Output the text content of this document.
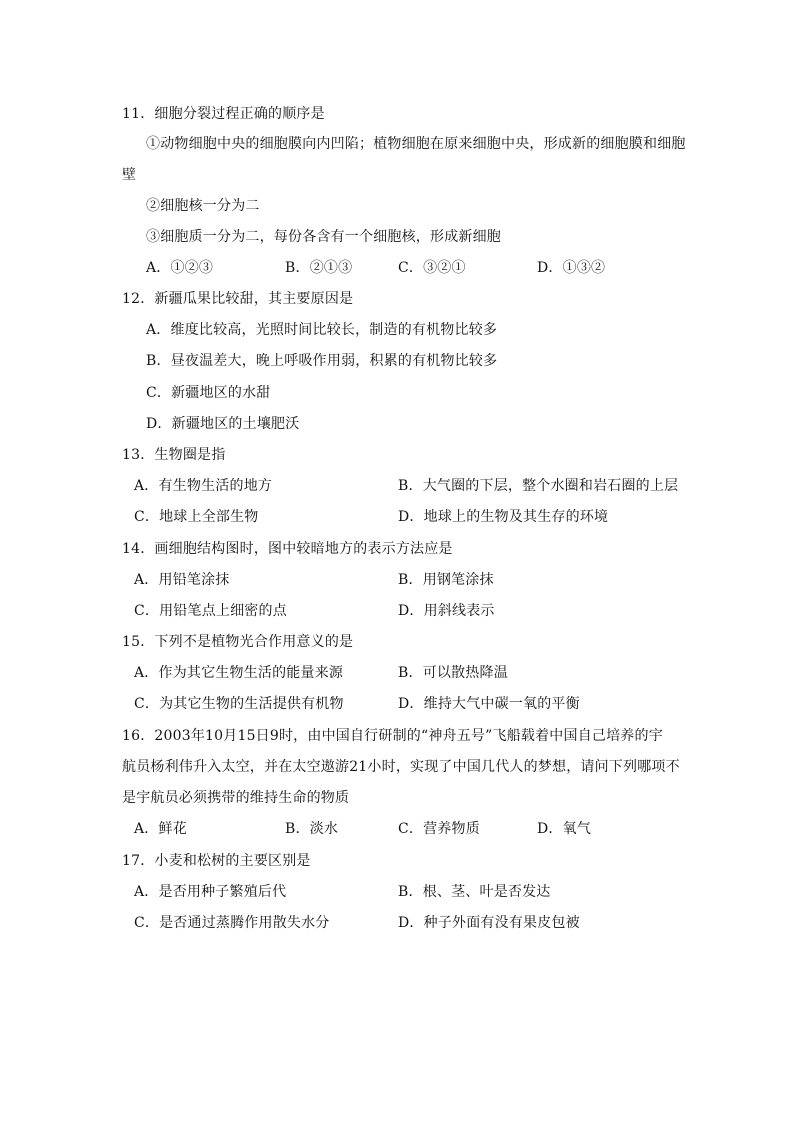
11．细胞分裂过程正确的顺序是
①动物细胞中央的细胞膜向内凹陷；植物细胞在原来细胞中央，形成新的细胞膜和细胞
壁
②细胞核一分为二
③细胞质一分为二，每份各含有一个细胞核，形成新细胞
A．①②③	B．②①③	C．③②①	D．①③②
12．新疆瓜果比较甜，其主要原因是
A．维度比较高，光照时间比较长，制造的有机物比较多
B．昼夜温差大，晚上呼吸作用弱，积累的有机物比较多
C．新疆地区的水甜
D．新疆地区的土壤肥沃
13．生物圈是指
A．有生物生活的地方	B．大气圈的下层，整个水圈和岩石圈的上层
C．地球上全部生物	D．地球上的生物及其生存的环境
14．画细胞结构图时，图中较暗地方的表示方法应是
A．用铅笔涂抹	B．用钢笔涂抹
C．用铅笔点上细密的点	D．用斜线表示
15．下列不是植物光合作用意义的是
A．作为其它生物生活的能量来源	B．可以散热降温
C．为其它生物的生活提供有机物	D．维持大气中碳一氧的平衡
16．2003年10月15日9时，由中国自行研制的“神舟五号”飞船载着中国自己培养的宇
航员杨利伟升入太空，并在太空遨游21小时，实现了中国几代人的梦想，请问下列哪项不
是宇航员必须携带的维持生命的物质
A．鲜花	B．淡水	C．营养物质	D．氧气
17．小麦和松树的主要区别是
A．是否用种子繁殖后代	B．根、茎、叶是否发达
C．是否通过蒸腾作用散失水分	D．种子外面有没有果皮包被
